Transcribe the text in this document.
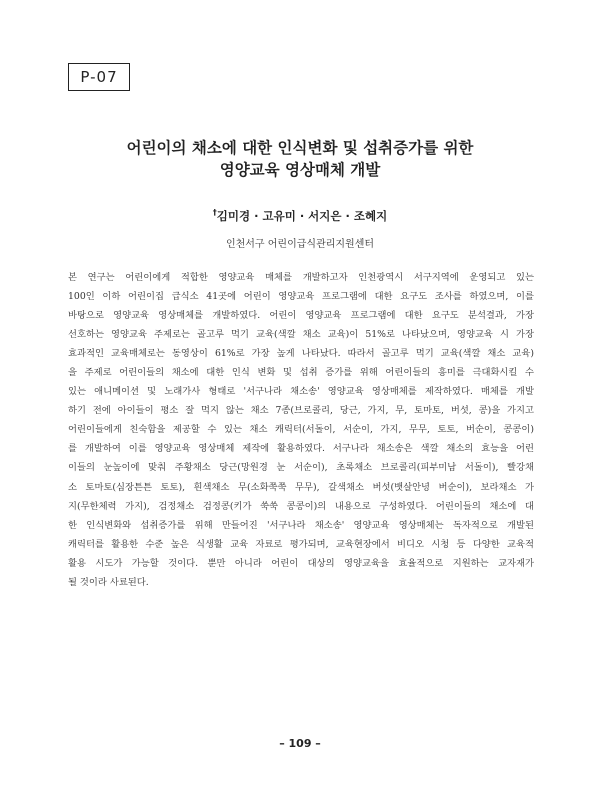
P-07
어린이의 채소에 대한 인식변화 및 섭취증가를 위한
영양교육 영상매체 개발
†김미경 · 고유미 · 서지은 · 조혜지
인천서구 어린이급식관리지원센터
본 연구는 어린이에게 적합한 영양교육 매체를 개발하고자 인천광역시 서구지역에 운영되고 있는
100인 이하 어린이집 급식소 41곳에 어린이 영양교육 프로그램에 대한 요구도 조사를 하였으며, 이를
바탕으로 영양교육 영상매체를 개발하였다. 어린이 영양교육 프로그램에 대한 요구도 분석결과, 가장
선호하는 영양교육 주제로는 골고루 먹기 교육(색깔 채소 교육)이 51%로 나타났으며, 영양교육 시 가장
효과적인 교육매체로는 동영상이 61%로 가장 높게 나타났다. 따라서 골고루 먹기 교육(색깔 채소 교육)
을 주제로 어린이들의 채소에 대한 인식 변화 및 섭취 증가를 위해 어린이들의 흥미를 극대화시킬 수
있는 애니메이션 및 노래가사 형태로 '서구나라 채소송' 영양교육 영상매체를 제작하였다. 매체를 개발
하기 전에 아이들이 평소 잘 먹지 않는 채소 7종(브로콜리, 당근, 가지, 무, 토마토, 버섯, 콩)을 가지고
어린이들에게 친숙함을 제공할 수 있는 채소 캐릭터(서돌이, 서순이, 가지, 무무, 토토, 버순이, 콩콩이)
를 개발하여 이를 영양교육 영상매체 제작에 활용하였다. 서구나라 채소송은 색깔 채소의 효능을 어린
이들의 눈높이에 맞춰 주황채소 당근(망원경 눈 서순이), 초록채소 브로콜리(피부미남 서돌이), 빨강채
소 토마토(심장튼튼 토토), 흰색채소 무(소화쭉쭉 무무), 갈색채소 버섯(뱃살안녕 버순이), 보라채소 가
지(무한체력 가지), 검정채소 검정콩(키가 쑥쑥 콩콩이)의 내용으로 구성하였다. 어린이들의 채소에 대
한 인식변화와 섭취증가를 위해 만들어진 '서구나라 채소송' 영양교육 영상매체는 독자적으로 개발된
캐릭터를 활용한 수준 높은 식생활 교육 자료로 평가되며, 교육현장에서 비디오 시청 등 다양한 교육적
활용 시도가 가능할 것이다. 뿐만 아니라 어린이 대상의 영양교육을 효율적으로 지원하는 교자재가
될 것이라 사료된다.
– 109 –
